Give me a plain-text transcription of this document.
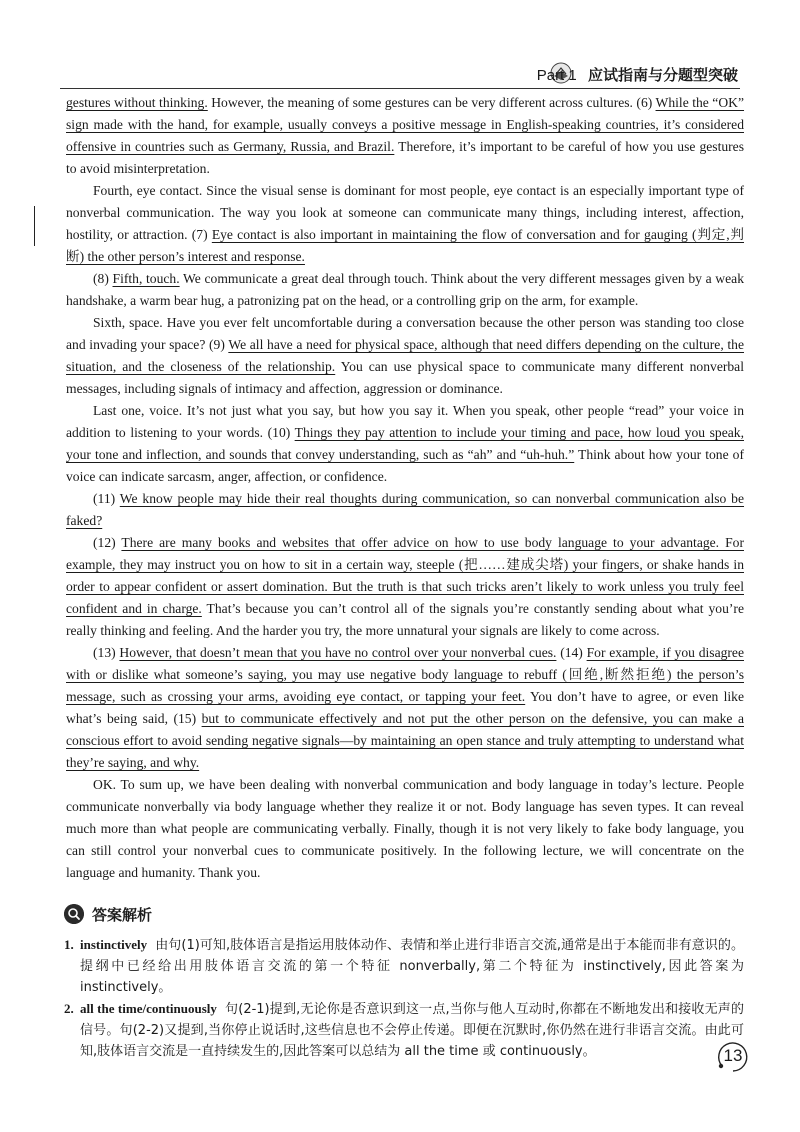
Part 1 应试指南与分题型突破

gestures without thinking. However, the meaning of some gestures can be very different across cultures. (6) While the “OK” sign made with the hand, for example, usually conveys a positive message in English-speaking countries, it’s considered offensive in countries such as Germany, Russia, and Brazil. Therefore, it’s important to be careful of how you use gestures to avoid misinterpretation.

Fourth, eye contact. Since the visual sense is dominant for most people, eye contact is an especially important type of nonverbal communication. The way you look at someone can communicate many things, including interest, affection, hostility, or attraction. (7) Eye contact is also important in maintaining the flow of conversation and for gauging (判定,判断) the other person’s interest and response.

(8) Fifth, touch. We communicate a great deal through touch. Think about the very different messages given by a weak handshake, a warm bear hug, a patronizing pat on the head, or a controlling grip on the arm, for example.

Sixth, space. Have you ever felt uncomfortable during a conversation because the other person was standing too close and invading your space? (9) We all have a need for physical space, although that need differs depending on the culture, the situation, and the closeness of the relationship. You can use physical space to communicate many different nonverbal messages, including signals of intimacy and affection, aggression or dominance.

Last one, voice. It’s not just what you say, but how you say it. When you speak, other people “read” your voice in addition to listening to your words. (10) Things they pay attention to include your timing and pace, how loud you speak, your tone and inflection, and sounds that convey understanding, such as “ah” and “uh-huh.” Think about how your tone of voice can indicate sarcasm, anger, affection, or confidence.

(11) We know people may hide their real thoughts during communication, so can nonverbal communication also be faked?

(12) There are many books and websites that offer advice on how to use body language to your advantage. For example, they may instruct you on how to sit in a certain way, steeple (把……建成尖塔) your fingers, or shake hands in order to appear confident or assert domination. But the truth is that such tricks aren’t likely to work unless you truly feel confident and in charge. That’s because you can’t control all of the signals you’re constantly sending about what you’re really thinking and feeling. And the harder you try, the more unnatural your signals are likely to come across.

(13) However, that doesn’t mean that you have no control over your nonverbal cues. (14) For example, if you disagree with or dislike what someone’s saying, you may use negative body language to rebuff (回绝,断然拒绝) the person’s message, such as crossing your arms, avoiding eye contact, or tapping your feet. You don’t have to agree, or even like what’s being said, (15) but to communicate effectively and not put the other person on the defensive, you can make a conscious effort to avoid sending negative signals—by maintaining an open stance and truly attempting to understand what they’re saying, and why.

OK. To sum up, we have been dealing with nonverbal communication and body language in today’s lecture. People communicate nonverbally via body language whether they realize it or not. Body language has seven types. It can reveal much more than what people are communicating verbally. Finally, though it is not very likely to fake body language, you can still control your nonverbal cues to communicate positively. In the following lecture, we will concentrate on the language and humanity. Thank you.

答案解析
1. instinctively 由句(1)可知,肢体语言是指运用肢体动作、表情和举止进行非语言交流,通常是出于本能而非有意识的。提纲中已经给出用肢体语言交流的第一个特征 nonverbally,第二个特征为 instinctively,因此答案为 instinctively。
2. all the time/continuously 句(2-1)提到,无论你是否意识到这一点,当你与他人互动时,你都在不断地发出和接收无声的信号。句(2-2)又提到,当你停止说话时,这些信息也不会停止传递。即便在沉默时,你仍然在进行非语言交流。由此可知,肢体语言交流是一直持续发生的,因此答案可以总结为 all the time 或 continuously。	13
